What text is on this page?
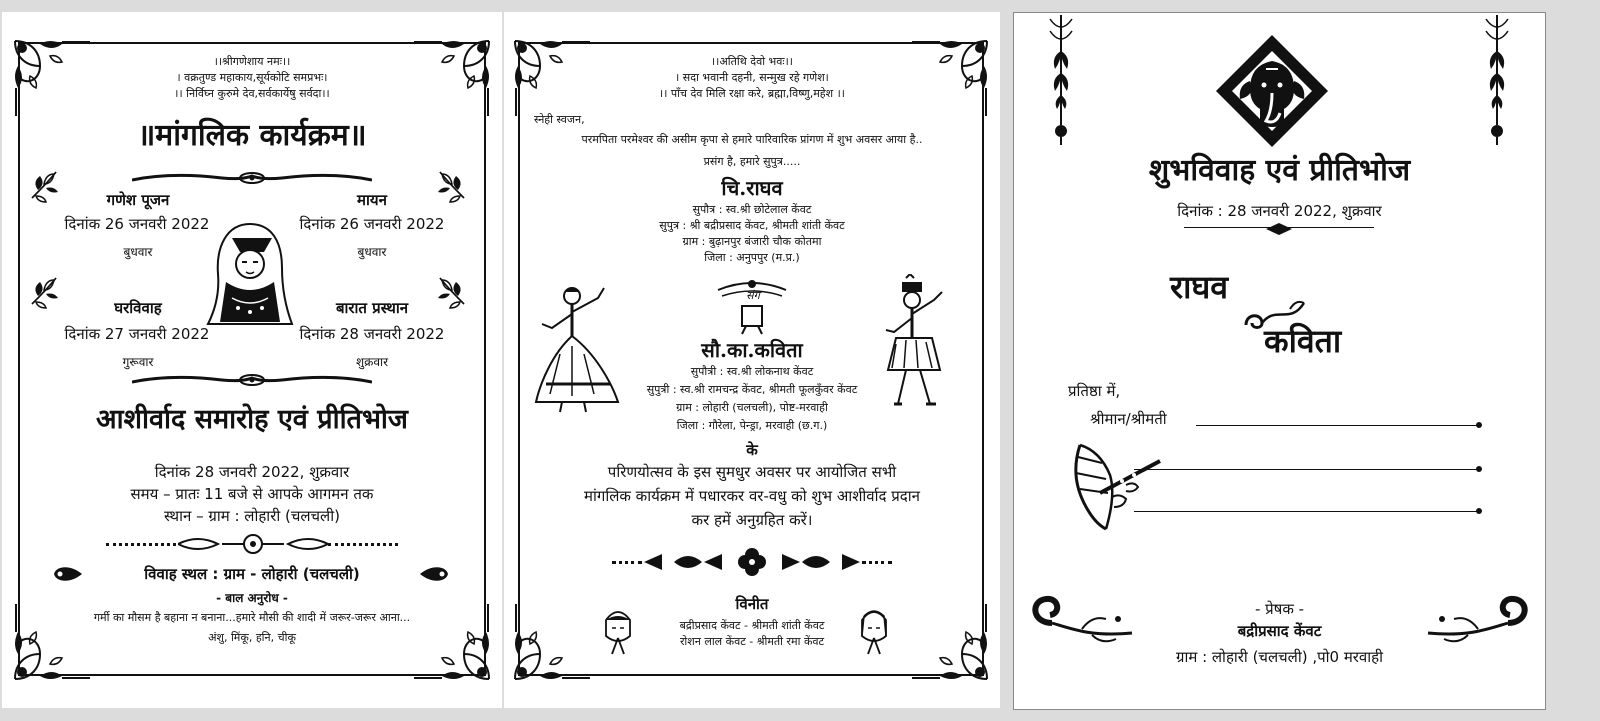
।।श्रीगणेशाय नमः।।
। वक्रतुण्ड महाकाय,सूर्यकोटि समप्रभः।
।। निर्विघ्न कुरुमे देव,सर्वकार्येषु सर्वदा।।
॥मांगलिक कार्यक्रम॥
गणेश पूजन
दिनांक 26 जनवरी 2022
बुधवार
मायन
दिनांक 26 जनवरी 2022
बुधवार
घरविवाह
दिनांक 27 जनवरी 2022
गुरूवार
बारात प्रस्थान
दिनांक 28 जनवरी 2022
शुक्रवार
आशीर्वाद समारोह एवं प्रीतिभोज
दिनांक 28 जनवरी 2022, शुक्रवार
समय – प्रातः 11 बजे से आपके आगमन तक
स्थान – ग्राम : लोहारी (चलचली)
विवाह स्थल : ग्राम - लोहारी (चलचली)
- बाल अनुरोध -
गर्मी का मौसम है बहाना न बनाना...हमारे मौसी की शादी में जरूर-जरूर आना...
अंशु, मिंकू, हनि, चीकू
।।अतिथि देवो भवः।।
। सदा भवानी दहनी, सन्मुख रहे गणेश।
।। पाँच देव मिलि रक्षा करे, ब्रह्मा,विष्णु,महेश ।।
स्नेही स्वजन,
परमपिता परमेश्वर की असीम कृपा से हमारे पारिवारिक प्रांगण में शुभ अवसर आया है..
प्रसंग है, हमारे सुपुत्र.....
चि.राघव
सुपौत्र : स्व.श्री छोटेलाल केंवट
सुपुत्र : श्री बद्रीप्रसाद केंवट, श्रीमती शांती केंवट
ग्राम : बुढ़ानपुर बंजारी चौक कोतमा
जिला : अनुपपुर (म.प्र.)
संग
सौ.का.कविता
सुपौत्री : स्व.श्री लोकनाथ केंवट
सुपुत्री : स्व.श्री रामचन्द्र केंवट, श्रीमती फूलकुँवर केंवट
ग्राम : लोहारी (चलचली), पोष्ट-मरवाही
जिला : गौरेला, पेन्ड्रा, मरवाही (छ.ग.)
के
परिणयोत्सव के इस सुमधुर अवसर पर आयोजित सभी
मांगलिक कार्यक्रम में पधारकर वर-वधु को शुभ आशीर्वाद प्रदान
कर हमें अनुग्रहित करें।
विनीत
बद्रीप्रसाद केंवट - श्रीमती शांती केंवट
रोशन लाल केंवट - श्रीमती रमा केंवट
शुभविवाह एवं प्रीतिभोज
दिनांक : 28 जनवरी 2022, शुक्रवार
राघव
कविता
प्रतिष्ठा में,
श्रीमान/श्रीमती
- प्रेषक -
बद्रीप्रसाद केंवट
ग्राम : लोहारी (चलचली) ,पो0 मरवाही
